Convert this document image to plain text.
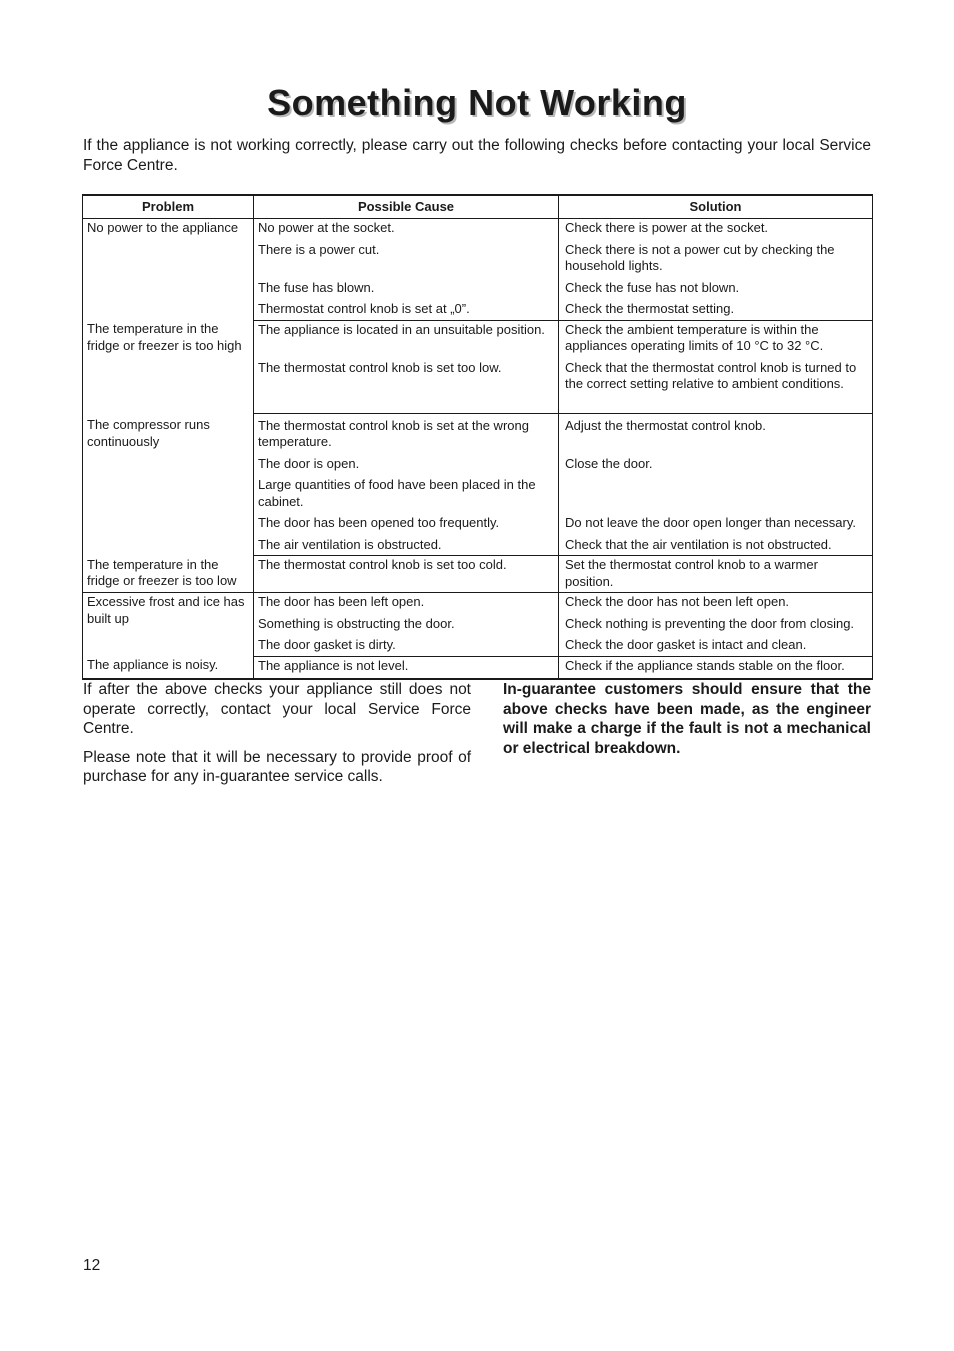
Something Not Working

If the appliance is not working correctly, please carry out the following checks before contacting your local Service Force Centre.

Problem	Possible Cause	Solution
No power to the appliance	No power at the socket.	Check there is power at the socket.
	There is a power cut.	Check there is not a power cut by checking the household lights.
	The fuse has blown.	Check the fuse has not blown.
	Thermostat control knob is set at „0”.	Check the thermostat setting.
The temperature in the fridge or freezer is too high	The appliance is located in an unsuitable position.	Check the ambient temperature is within the appliances operating limits of 10 °C to 32 °C.
	The thermostat control knob is set too low.	Check that the thermostat control knob is turned to the correct setting relative to ambient conditions.
The compressor runs continuously	The thermostat control knob is set at the wrong temperature.	Adjust the thermostat control knob.
	The door is open.	Close the door.
	Large quantities of food have been placed in the cabinet.	
	The door has been opened too frequently.	Do not leave the door open longer than necessary.
	The air ventilation is obstructed.	Check that the air ventilation is not obstructed.
The temperature in the fridge or freezer is too low	The thermostat control knob is set too cold.	Set the thermostat control knob to a warmer position.
Excessive frost and ice has built up	The door has been left open.	Check the door has not been left open.
	Something is obstructing the door.	Check nothing is preventing the door from closing.
	The door gasket is dirty.	Check the door gasket is intact and clean.
The appliance is noisy.	The appliance is not level.	Check if the appliance stands stable on the floor.

If after the above checks your appliance still does not operate correctly, contact your local Service Force Centre.

Please note that it will be necessary to provide proof of purchase for any in-guarantee service calls.

In-guarantee customers should ensure that the above checks have been made, as the engineer will make a charge if the fault is not a mechanical or electrical breakdown.

12
